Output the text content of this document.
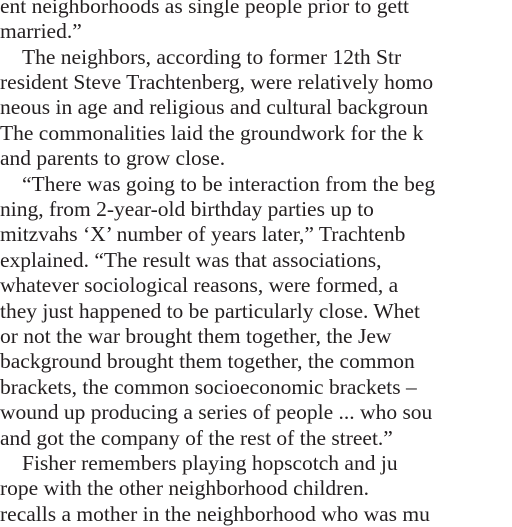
ent neighborhoods as single people prior to gett
married.”
The neighbors, according to former 12th Str
resident Steve Trachtenberg, were relatively homo
neous in age and religious and cultural backgroun
The commonalities laid the groundwork for the k
and parents to grow close.
“There was going to be interaction from the beg
ning, from 2-year-old birthday parties up to
mitzvahs ‘X’ number of years later,” Trachtenb
explained. “The result was that associations,
whatever sociological reasons, were formed, a
they just happened to be particularly close. Whet
or not the war brought them together, the Jew
background brought them together, the common
brackets, the common socioeconomic brackets –
wound up producing a series of people ... who sou
and got the company of the rest of the street.”
Fisher remembers playing hopscotch and ju
rope with the other neighborhood children.
recalls a mother in the neighborhood who was mu
